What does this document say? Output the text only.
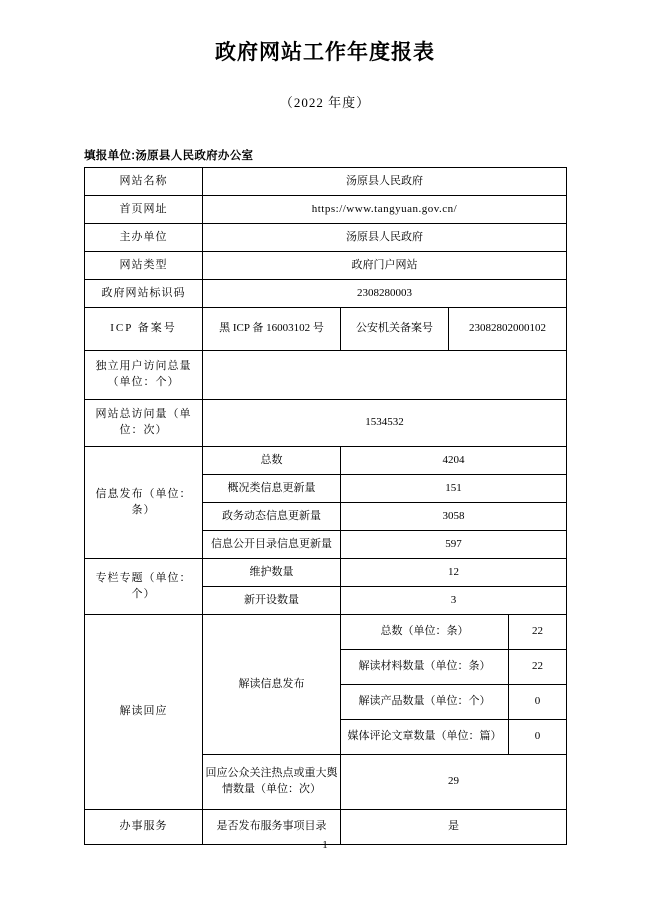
政府网站工作年度报表
（2022 年度）
填报单位:汤原县人民政府办公室
网站名称	汤原县人民政府			
首页网址	https://www.tangyuan.gov.cn/			
主办单位	汤原县人民政府			
网站类型	政府门户网站			
政府网站标识码	2308280003			
ICP 备案号	黑 ICP 备 16003102 号	公安机关备案号	23082802000102	
独立用户访问总量（单位：个）				
网站总访问量（单位：次）	1534532			
信息发布（单位：条）	总数	4204		
	概况类信息更新量	151		
	政务动态信息更新量	3058		
	信息公开目录信息更新量	597		
专栏专题（单位：个）	维护数量	12		
	新开设数量	3		
解读回应	解读信息发布	总数（单位：条）		22
		解读材料数量（单位：条）		22
		解读产品数量（单位：个）		0
		媒体评论文章数量（单位：篇）		0
	回应公众关注热点或重大舆情数量（单位：次）	29		
办事服务	是否发布服务事项目录	是		
1
